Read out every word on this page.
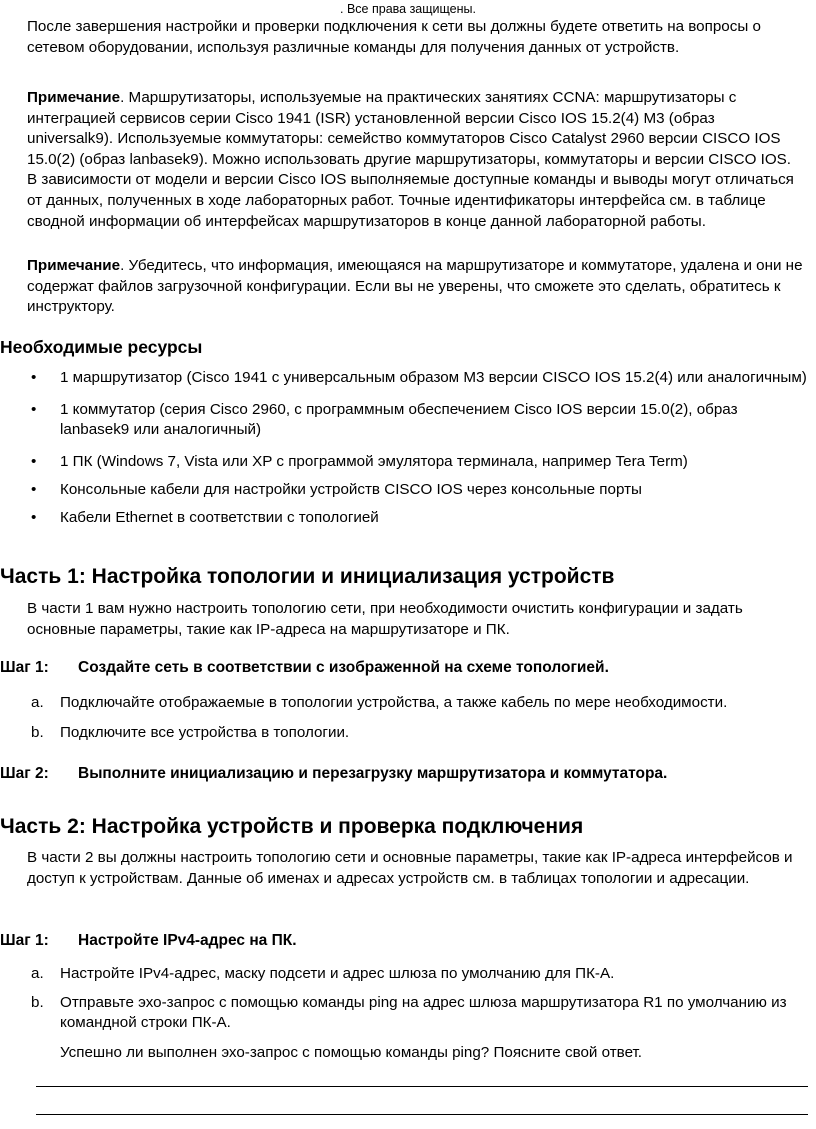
. Все права защищены.

После завершения настройки и проверки подключения к сети вы должны будете ответить на вопросы о сетевом оборудовании, используя различные команды для получения данных от устройств.

Примечание. Маршрутизаторы, используемые на практических занятиях CCNA: маршрутизаторы с интеграцией сервисов серии Cisco 1941 (ISR) установленной версии Cisco IOS 15.2(4) M3 (образ universalk9). Используемые коммутаторы: семейство коммутаторов Cisco Catalyst 2960 версии CISCO IOS 15.0(2) (образ lanbasek9). Можно использовать другие маршрутизаторы, коммутаторы и версии CISCO IOS. В зависимости от модели и версии Cisco IOS выполняемые доступные команды и выводы могут отличаться от данных, полученных в ходе лабораторных работ. Точные идентификаторы интерфейса см. в таблице сводной информации об интерфейсах маршрутизаторов в конце данной лабораторной работы.

Примечание. Убедитесь, что информация, имеющаяся на маршрутизаторе и коммутаторе, удалена и они не содержат файлов загрузочной конфигурации. Если вы не уверены, что сможете это сделать, обратитесь к инструктору.

Необходимые ресурсы
• 1 маршрутизатор (Cisco 1941 с универсальным образом M3 версии CISCO IOS 15.2(4) или аналогичным)
• 1 коммутатор (серия Cisco 2960, с программным обеспечением Cisco IOS версии 15.0(2), образ lanbasek9 или аналогичный)
• 1 ПК (Windows 7, Vista или XP с программой эмулятора терминала, например Tera Term)
• Консольные кабели для настройки устройств CISCO IOS через консольные порты
• Кабели Ethernet в соответствии с топологией
Часть 1: Настройка топологии и инициализация устройств

В части 1 вам нужно настроить топологию сети, при необходимости очистить конфигурации и задать основные параметры, такие как IP-адреса на маршрутизаторе и ПК.

Шаг 1: Создайте сеть в соответствии с изображенной на схеме топологией.
a. Подключайте отображаемые в топологии устройства, а также кабель по мере необходимости.
b. Подключите все устройства в топологии.
Шаг 2: Выполните инициализацию и перезагрузку маршрутизатора и коммутатора.
Часть 2: Настройка устройств и проверка подключения

В части 2 вы должны настроить топологию сети и основные параметры, такие как IP-адреса интерфейсов и доступ к устройствам. Данные об именах и адресах устройств см. в таблицах топологии и адресации.

Шаг 1: Настройте IPv4-адрес на ПК.
a. Настройте IPv4-адрес, маску подсети и адрес шлюза по умолчанию для ПК-A.
b. Отправьте эхо-запрос с помощью команды ping на адрес шлюза маршрутизатора R1 по умолчанию из командной строки ПК-A.
Успешно ли выполнен эхо-запрос с помощью команды ping? Поясните свой ответ.
